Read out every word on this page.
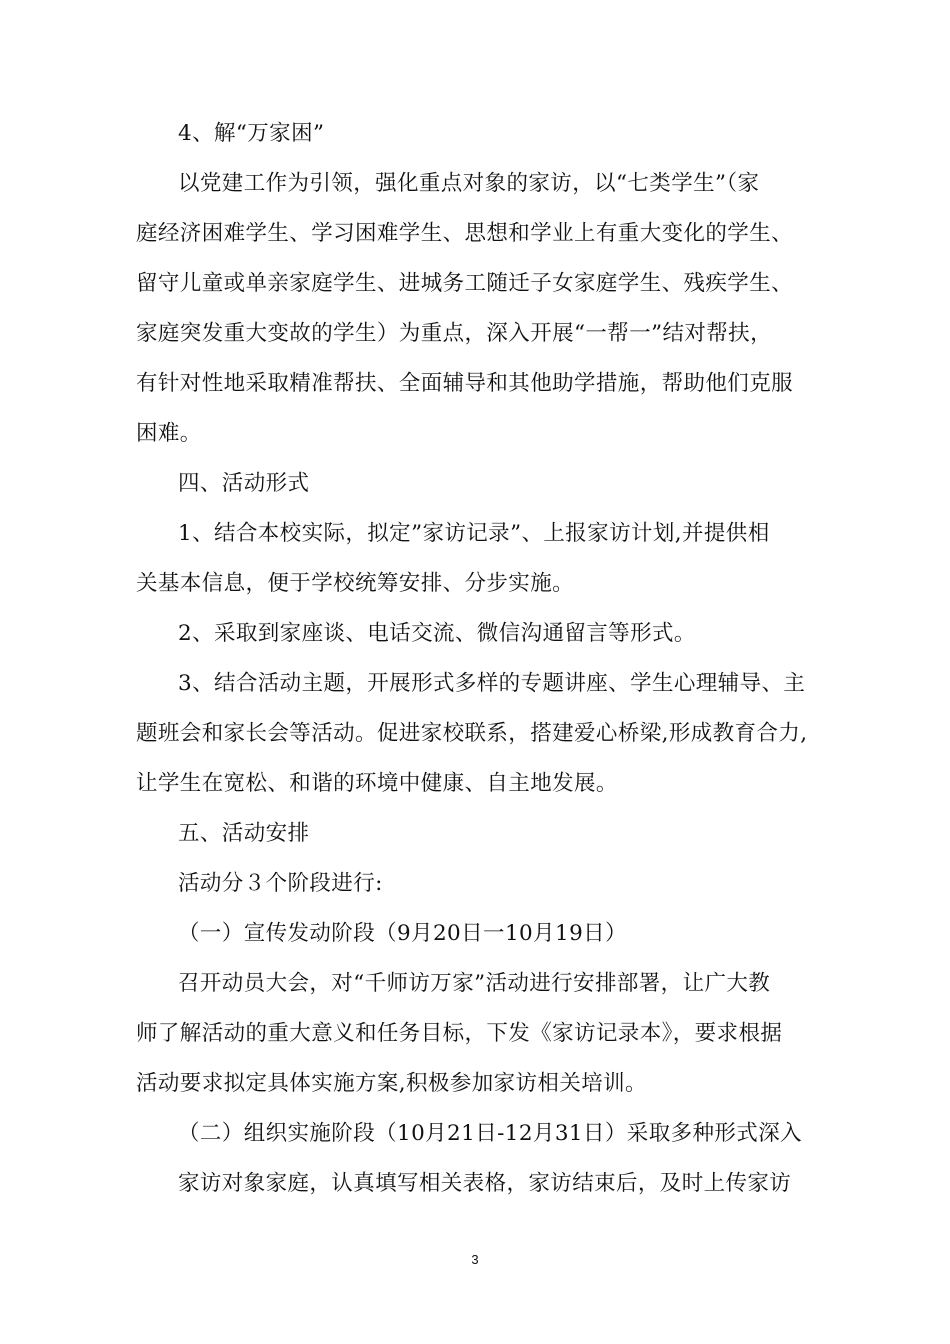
4、解“万家困”
以党建工作为引领，强化重点对象的家访，以“七类学生”（家
庭经济困难学生、学习困难学生、思想和学业上有重大变化的学生、
留守儿童或单亲家庭学生、进城务工随迁子女家庭学生、残疾学生、
家庭突发重大变故的学生）为重点，深入开展“一帮一”结对帮扶，
有针对性地采取精准帮扶、全面辅导和其他助学措施，帮助他们克服
困难。
四、活动形式
1、结合本校实际，拟定”家访记录”、上报家访计划,并提供相
关基本信息，便于学校统筹安排、分步实施。
2、采取到家座谈、电话交流、微信沟通留言等形式。
3、结合活动主题，开展形式多样的专题讲座、学生心理辅导、主
题班会和家长会等活动。促进家校联系，搭建爱心桥梁,形成教育合力,
让学生在宽松、和谐的环境中健康、自主地发展。
五、活动安排
活动分３个阶段进行:
（一）宣传发动阶段（9月20日一10月19日）
召开动员大会，对“千师访万家”活动进行安排部署，让广大教
师了解活动的重大意义和任务目标，下发《家访记录本》，要求根据
活动要求拟定具体实施方案,积极参加家访相关培训。
（二）组织实施阶段（10月21日-12月31日）采取多种形式深入
家访对象家庭，认真填写相关表格，家访结束后，及时上传家访
3
